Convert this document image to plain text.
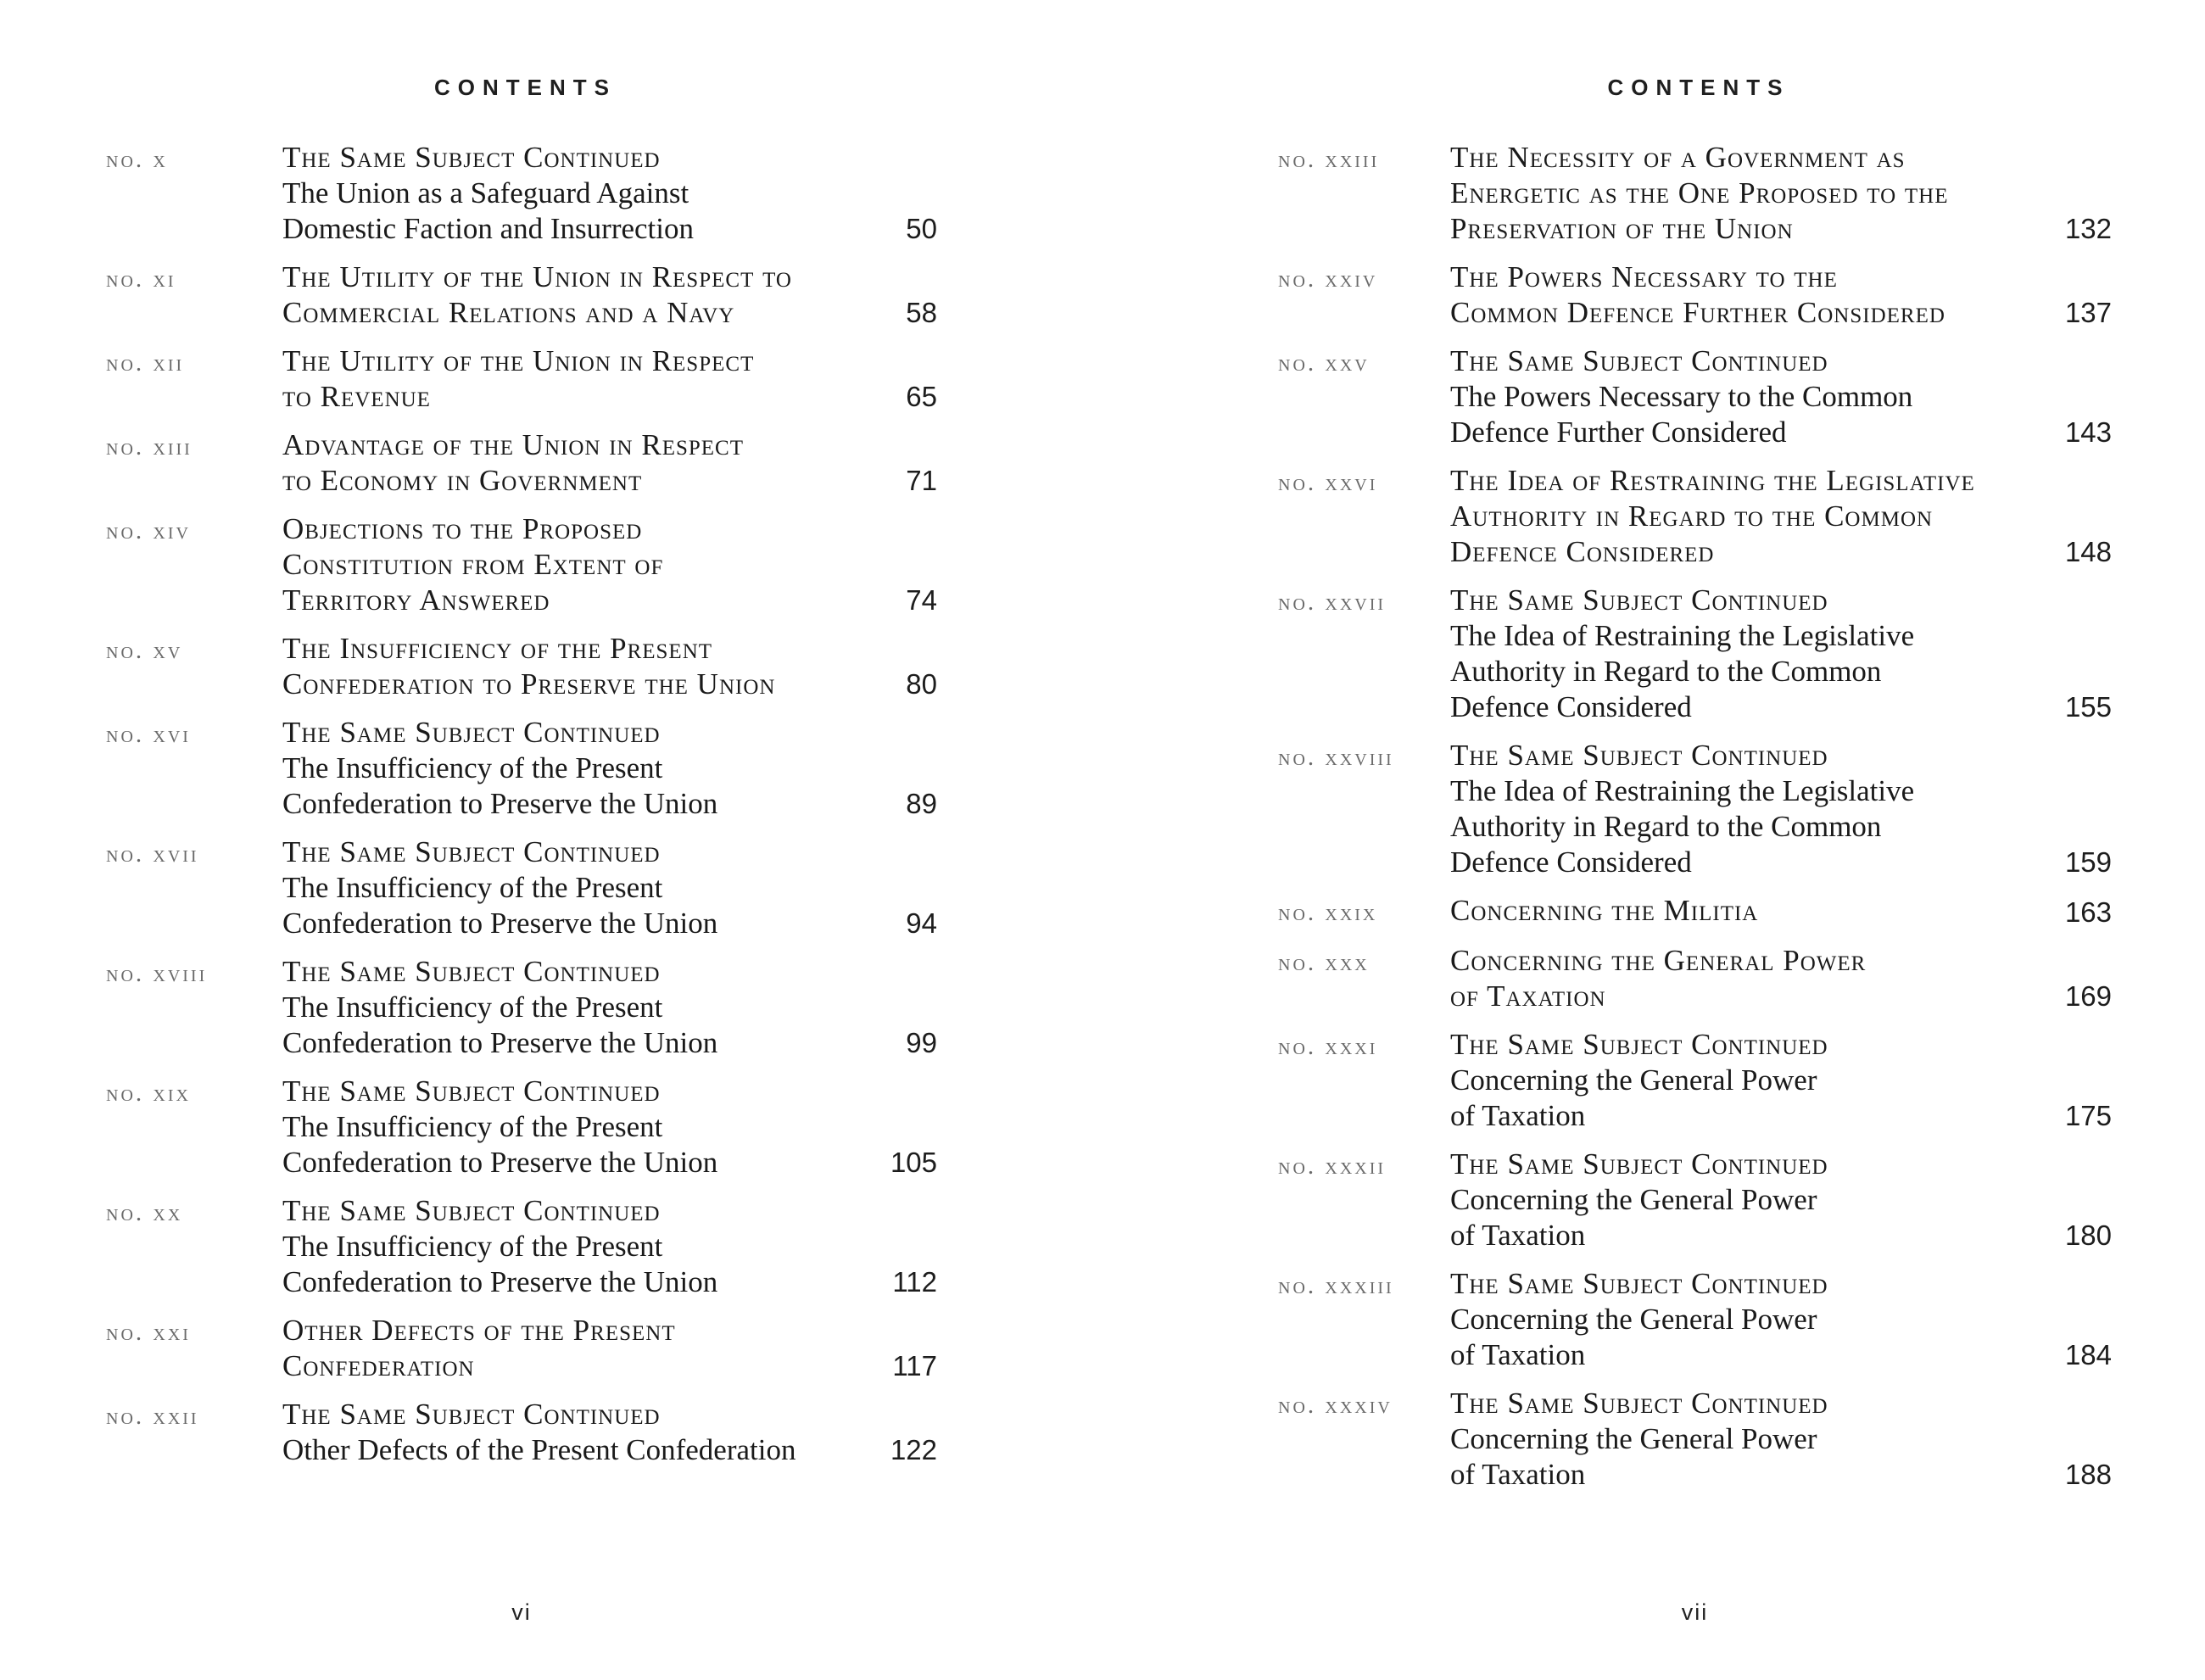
CONTENTS
no. x	The Same Subject Continued
The Union as a Safeguard Against
Domestic Faction and Insurrection	50
no. xi	The Utility of the Union in Respect to
Commercial Relations and a Navy	58
no. xii	The Utility of the Union in Respect
to Revenue	65
no. xiii	Advantage of the Union in Respect
to Economy in Government	71
no. xiv	Objections to the Proposed
Constitution from Extent of
Territory Answered	74
no. xv	The Insufficiency of the Present
Confederation to Preserve the Union	80
no. xvi	The Same Subject Continued
The Insufficiency of the Present
Confederation to Preserve the Union	89
no. xvii	The Same Subject Continued
The Insufficiency of the Present
Confederation to Preserve the Union	94
no. xviii	The Same Subject Continued
The Insufficiency of the Present
Confederation to Preserve the Union	99
no. xix	The Same Subject Continued
The Insufficiency of the Present
Confederation to Preserve the Union	105
no. xx	The Same Subject Continued
The Insufficiency of the Present
Confederation to Preserve the Union	112
no. xxi	Other Defects of the Present
Confederation	117
no. xxii	The Same Subject Continued
Other Defects of the Present Confederation	122
vi
CONTENTS
no. xxiii	The Necessity of a Government as
Energetic as the One Proposed to the
Preservation of the Union	132
no. xxiv	The Powers Necessary to the
Common Defence Further Considered	137
no. xxv	The Same Subject Continued
The Powers Necessary to the Common
Defence Further Considered	143
no. xxvi	The Idea of Restraining the Legislative
Authority in Regard to the Common
Defence Considered	148
no. xxvii	The Same Subject Continued
The Idea of Restraining the Legislative
Authority in Regard to the Common
Defence Considered	155
no. xxviii	The Same Subject Continued
The Idea of Restraining the Legislative
Authority in Regard to the Common
Defence Considered	159
no. xxix	Concerning the Militia	163
no. xxx	Concerning the General Power
of Taxation	169
no. xxxi	The Same Subject Continued
Concerning the General Power
of Taxation	175
no. xxxii	The Same Subject Continued
Concerning the General Power
of Taxation	180
no. xxxiii	The Same Subject Continued
Concerning the General Power
of Taxation	184
no. xxxiv	The Same Subject Continued
Concerning the General Power
of Taxation	188
vii
